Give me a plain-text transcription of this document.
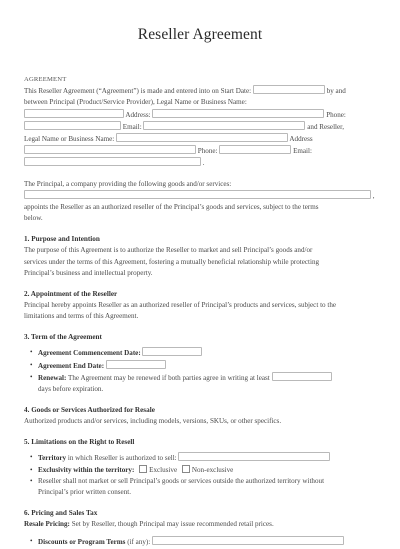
Reseller Agreement

AGREEMENT

This Reseller Agreement (“Agreement”) is made and entered into on Start Date:	by and

between Principal (Product/Service Provider), Legal Name or Business Name:

Address:	Phone:

Email:	and Reseller,

Legal Name or Business Name:	Address

Phone:	Email:

.

The Principal, a company providing the following goods and/or services:

,

appoints the Reseller as an authorized reseller of the Principal’s goods and services, subject to the terms

below.

1. Purpose and Intention

The purpose of this Agreement is to authorize the Reseller to market and sell Principal’s goods and/or

services under the terms of this Agreement, fostering a mutually beneficial relationship while protecting

Principal’s business and intellectual property.

2. Appointment of the Reseller

Principal hereby appoints Reseller as an authorized reseller of Principal’s products and services, subject to the

limitations and terms of this Agreement.

3. Term of the Agreement

• Agreement Commencement Date:
• Agreement End Date:
• Renewal: The Agreement may be renewed if both parties agree in writing at least
days before expiration.

4. Goods or Services Authorized for Resale

Authorized products and/or services, including models, versions, SKUs, or other specifics.

5. Limitations on the Right to Resell

• Territory in which Reseller is authorized to sell:
• Exclusivity within the territory: Exclusive Non-exclusive
• Reseller shall not market or sell Principal’s goods or services outside the authorized territory without
Principal’s prior written consent.

6. Pricing and Sales Tax

Resale Pricing: Set by Reseller, though Principal may issue recommended retail prices.

• Discounts or Program Terms (if any):
